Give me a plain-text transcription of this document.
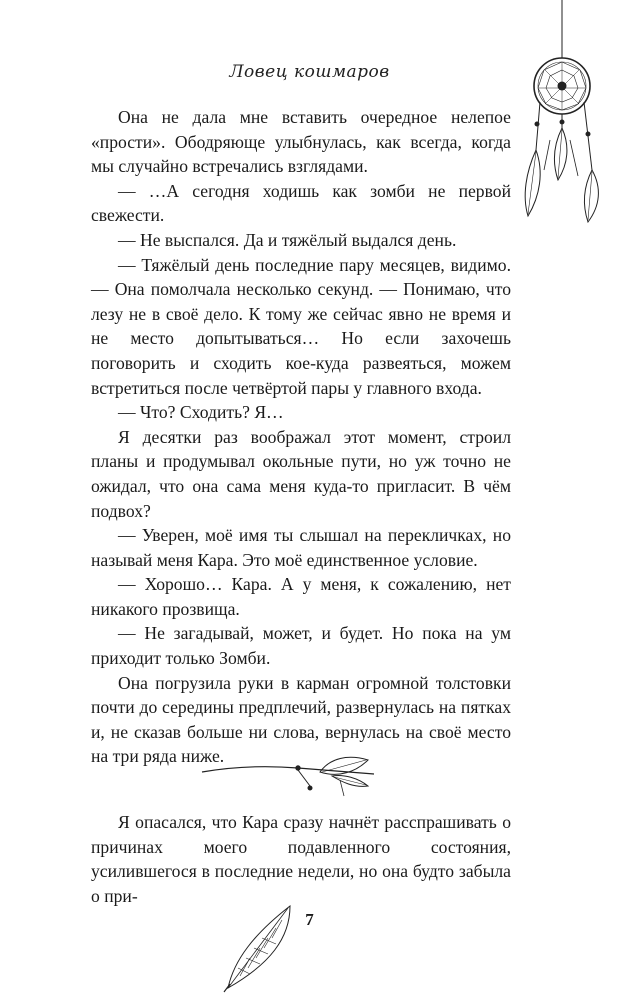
Ловец кошмаров

Она не дала мне вставить очередное нелепое «прости». Ободряюще улыбнулась, как всегда, когда мы случайно встречались взглядами.

— …А сегодня ходишь как зомби не первой свежести.

— Не выспался. Да и тяжёлый выдался день.

— Тяжёлый день последние пару месяцев, видимо. — Она помолчала несколько секунд. — Понимаю, что лезу не в своё дело. К тому же сейчас явно не время и не место допытываться… Но если захочешь поговорить и сходить кое-куда развеяться, можем встретиться после четвёртой пары у главного входа.

— Что? Сходить? Я…

Я десятки раз воображал этот момент, строил планы и продумывал окольные пути, но уж точно не ожидал, что она сама меня куда-то пригласит. В чём подвох?

— Уверен, моё имя ты слышал на перекличках, но называй меня Кара. Это моё единственное условие.

— Хорошо… Кара. А у меня, к сожалению, нет никакого прозвища.

— Не загадывай, может, и будет. Но пока на ум приходит только Зомби.

Она погрузила руки в карман огромной толстовки почти до середины предплечий, развернулась на пятках и, не сказав больше ни слова, вернулась на своё место на три ряда ниже.

Я опасался, что Кара сразу начнёт расспрашивать о причинах моего подавленного состояния, усилившегося в последние недели, но она будто забыла о при-

7
